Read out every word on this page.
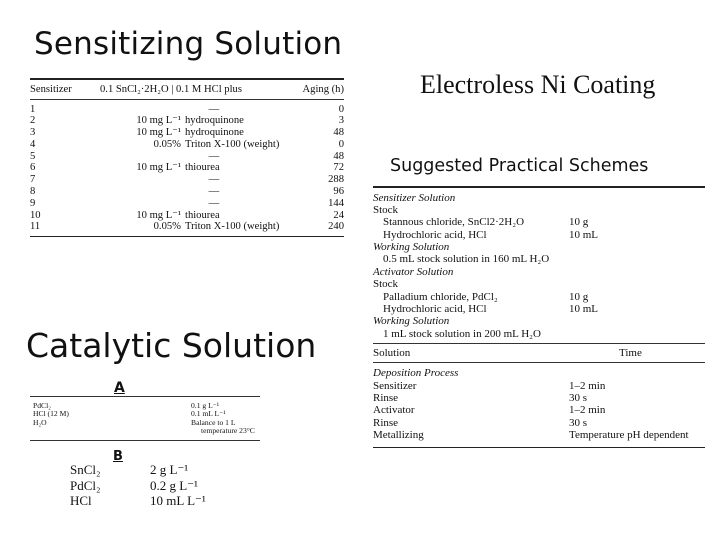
Sensitizing Solution
Sensitizer	0.1 SnCl₂·2H₂O | 0.1 M HCl plus	Aging (h)
1	—	0
2	10 mg L⁻¹ hydroquinone	3
3	10 mg L⁻¹ hydroquinone	48
4	0.05% Triton X-100 (weight)	0
5	—	48
6	10 mg L⁻¹ thiourea	72
7	—	288
8	—	96
9	—	144
10	10 mg L⁻¹ thiourea	24
11	0.05% Triton X-100 (weight)	240
Catalytic Solution
A
PdCl₂	0.1 g L⁻¹
HCl (12 M)	0.1 mL L⁻¹
H₂O	Balance to 1 L
temperature 23°C
B
SnCl₂	2 g L⁻¹
PdCl₂	0.2 g L⁻¹
HCl	10 mL L⁻¹
Electroless Ni Coating
Suggested Practical Schemes
Sensitizer Solution
Stock
Stannous chloride, SnCl2·2H₂O	10 g
Hydrochloric acid, HCl	10 mL
Working Solution
0.5 mL stock solution in 160 mL H₂O
Activator Solution
Stock
Palladium chloride, PdCl₂	10 g
Hydrochloric acid, HCl	10 mL
Working Solution
1 mL stock solution in 200 mL H₂O
Solution	Time
Deposition Process
Sensitizer	1–2 min
Rinse	30 s
Activator	1–2 min
Rinse	30 s
Metallizing	Temperature pH dependent
